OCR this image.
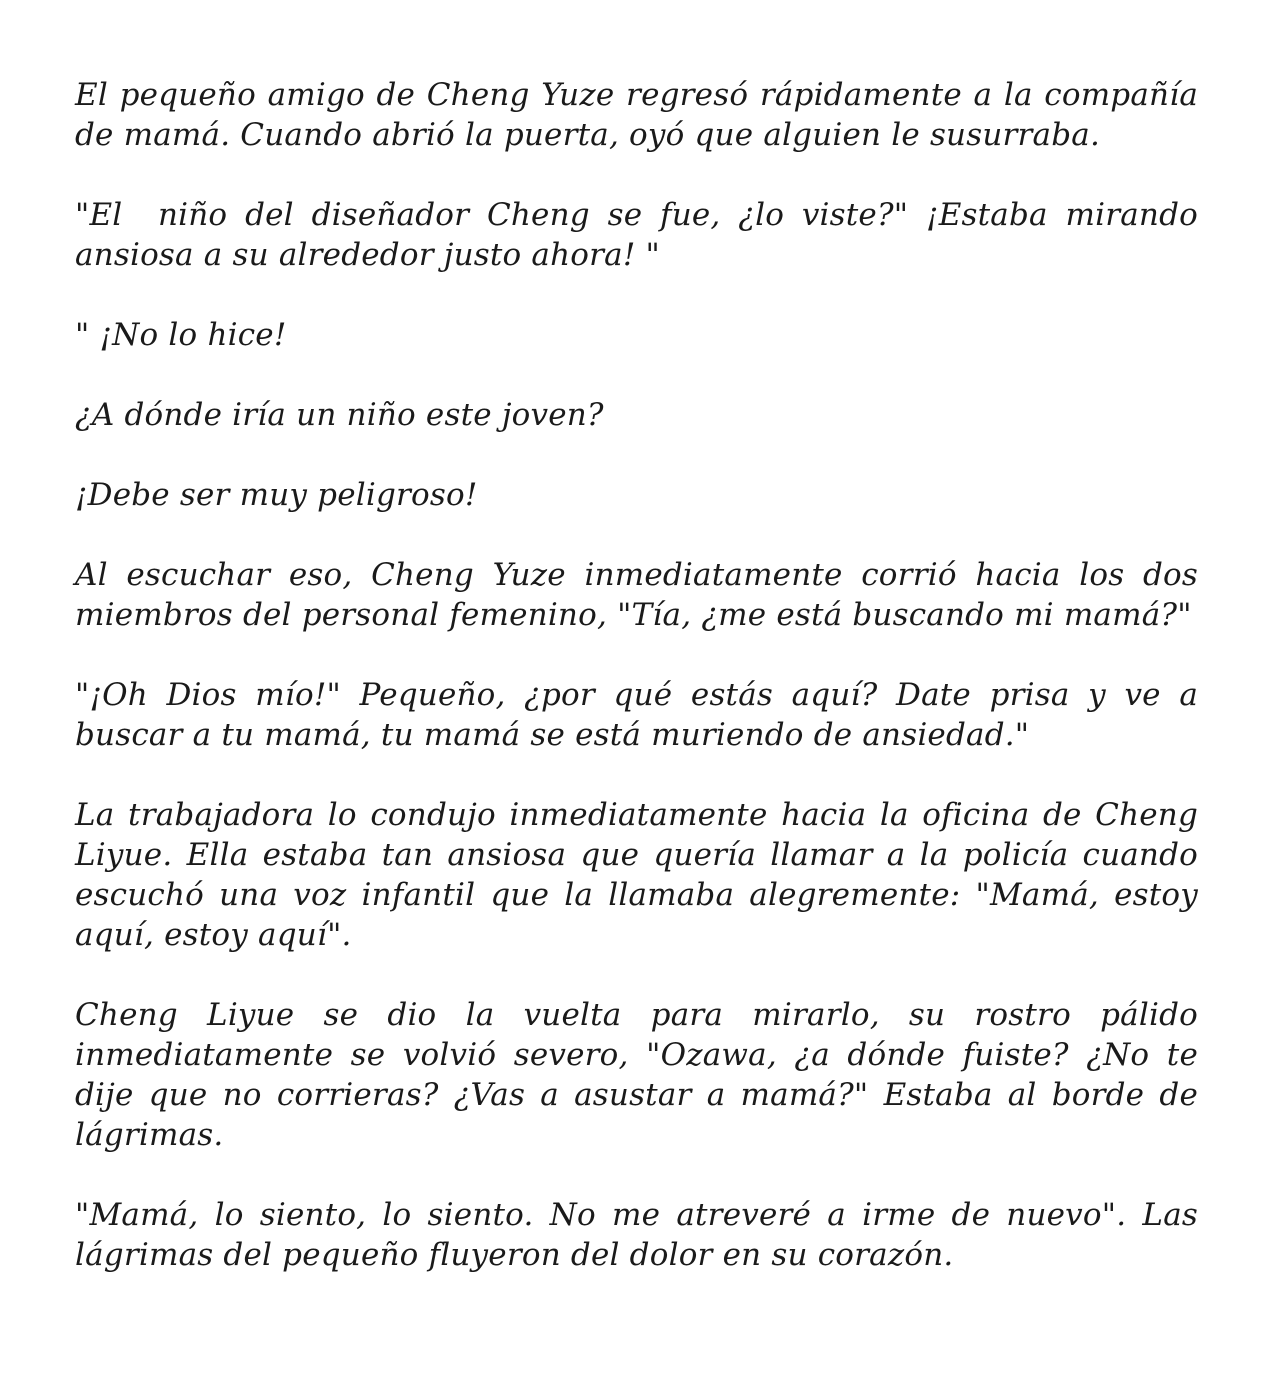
El pequeño amigo de Cheng Yuze regresó rápidamente a la compañía de mamá. Cuando abrió la puerta, oyó que alguien le susurraba.

"El  niño del diseñador Cheng se fue, ¿lo viste?" ¡Estaba mirando ansiosa a su alrededor justo ahora! "

" ¡No lo hice!

¿A dónde iría un niño este joven?

¡Debe ser muy peligroso!

Al escuchar eso, Cheng Yuze inmediatamente corrió hacia los dos miembros del personal femenino, "Tía, ¿me está buscando mi mamá?"

"¡Oh Dios mío!" Pequeño, ¿por qué estás aquí? Date prisa y ve a buscar a tu mamá, tu mamá se está muriendo de ansiedad."

La trabajadora lo condujo inmediatamente hacia la oficina de Cheng Liyue. Ella estaba tan ansiosa que quería llamar a la policía cuando escuchó una voz infantil que la llamaba alegremente: "Mamá, estoy aquí, estoy aquí".

Cheng Liyue se dio la vuelta para mirarlo, su rostro pálido inmediatamente se volvió severo, "Ozawa, ¿a dónde fuiste? ¿No te dije que no corrieras? ¿Vas a asustar a mamá?" Estaba al borde de lágrimas.

"Mamá, lo siento, lo siento. No me atreveré a irme de nuevo". Las lágrimas del pequeño fluyeron del dolor en su corazón.
